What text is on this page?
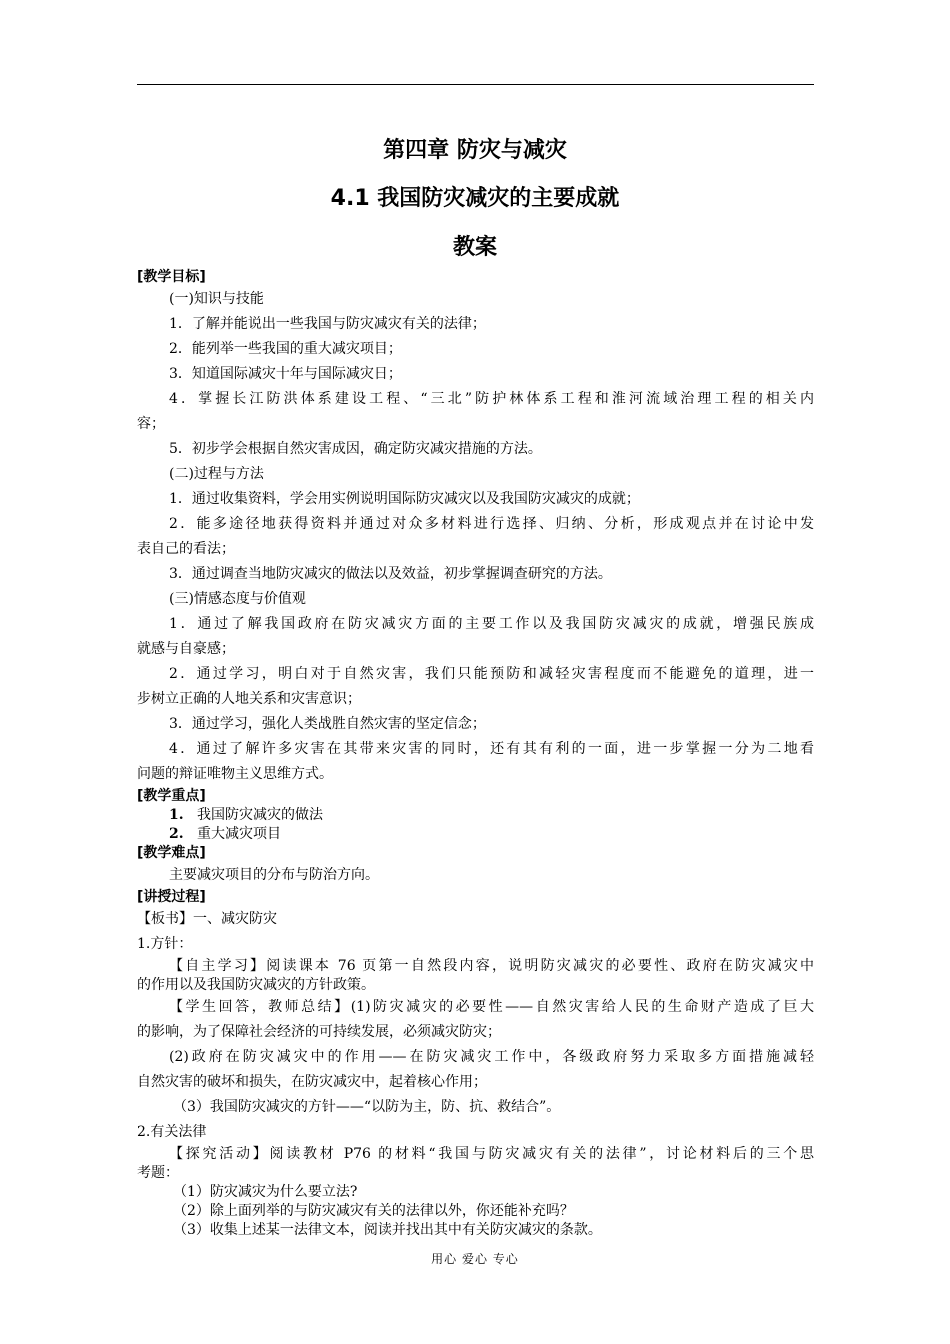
第四章 防灾与减灾
4.1 我国防灾减灾的主要成就
教案
[教学目标]
(一)知识与技能
1．了解并能说出一些我国与防灾减灾有关的法律；
2．能列举一些我国的重大减灾项目；
3．知道国际减灾十年与国际减灾日；
4．掌握长江防洪体系建设工程、“三北”防护林体系工程和淮河流域治理工程的相关内
容；
5．初步学会根据自然灾害成因，确定防灾减灾措施的方法。
(二)过程与方法
1．通过收集资料，学会用实例说明国际防灾减灾以及我国防灾减灾的成就；
2．能多途径地获得资料并通过对众多材料进行选择、归纳、分析，形成观点并在讨论中发
表自己的看法；
3．通过调查当地防灾减灾的做法以及效益，初步掌握调查研究的方法。
(三)情感态度与价值观
1．通过了解我国政府在防灾减灾方面的主要工作以及我国防灾减灾的成就，增强民族成
就感与自豪感；
2．通过学习，明白对于自然灾害，我们只能预防和减轻灾害程度而不能避免的道理，进一
步树立正确的人地关系和灾害意识；
3．通过学习，强化人类战胜自然灾害的坚定信念；
4．通过了解许多灾害在其带来灾害的同时，还有其有利的一面，进一步掌握一分为二地看
问题的辩证唯物主义思维方式。
[教学重点]
1. 我国防灾减灾的做法
2. 重大减灾项目
[教学难点]
主要减灾项目的分布与防治方向。
[讲授过程]
【板书】一、减灾防灾
1.方针：
【自主学习】阅读课本 76 页第一自然段内容，说明防灾减灾的必要性、政府在防灾减灾中
的作用以及我国防灾减灾的方针政策。
【学生回答，教师总结】(1)防灾减灾的必要性——自然灾害给人民的生命财产造成了巨大
的影响，为了保障社会经济的可持续发展，必须减灾防灾；
(2)政府在防灾减灾中的作用——在防灾减灾工作中，各级政府努力采取多方面措施减轻
自然灾害的破坏和损失，在防灾减灾中，起着核心作用；
（3）我国防灾减灾的方针——“以防为主，防、抗、救结合”。
2.有关法律
【探究活动】阅读教材 P76 的材料“我国与防灾减灾有关的法律”，讨论材料后的三个思
考题：
（1）防灾减灾为什么要立法?
（2）除上面列举的与防灾减灾有关的法律以外，你还能补充吗？
（3）收集上述某一法律文本，阅读并找出其中有关防灾减灾的条款。
用心 爱心 专心
